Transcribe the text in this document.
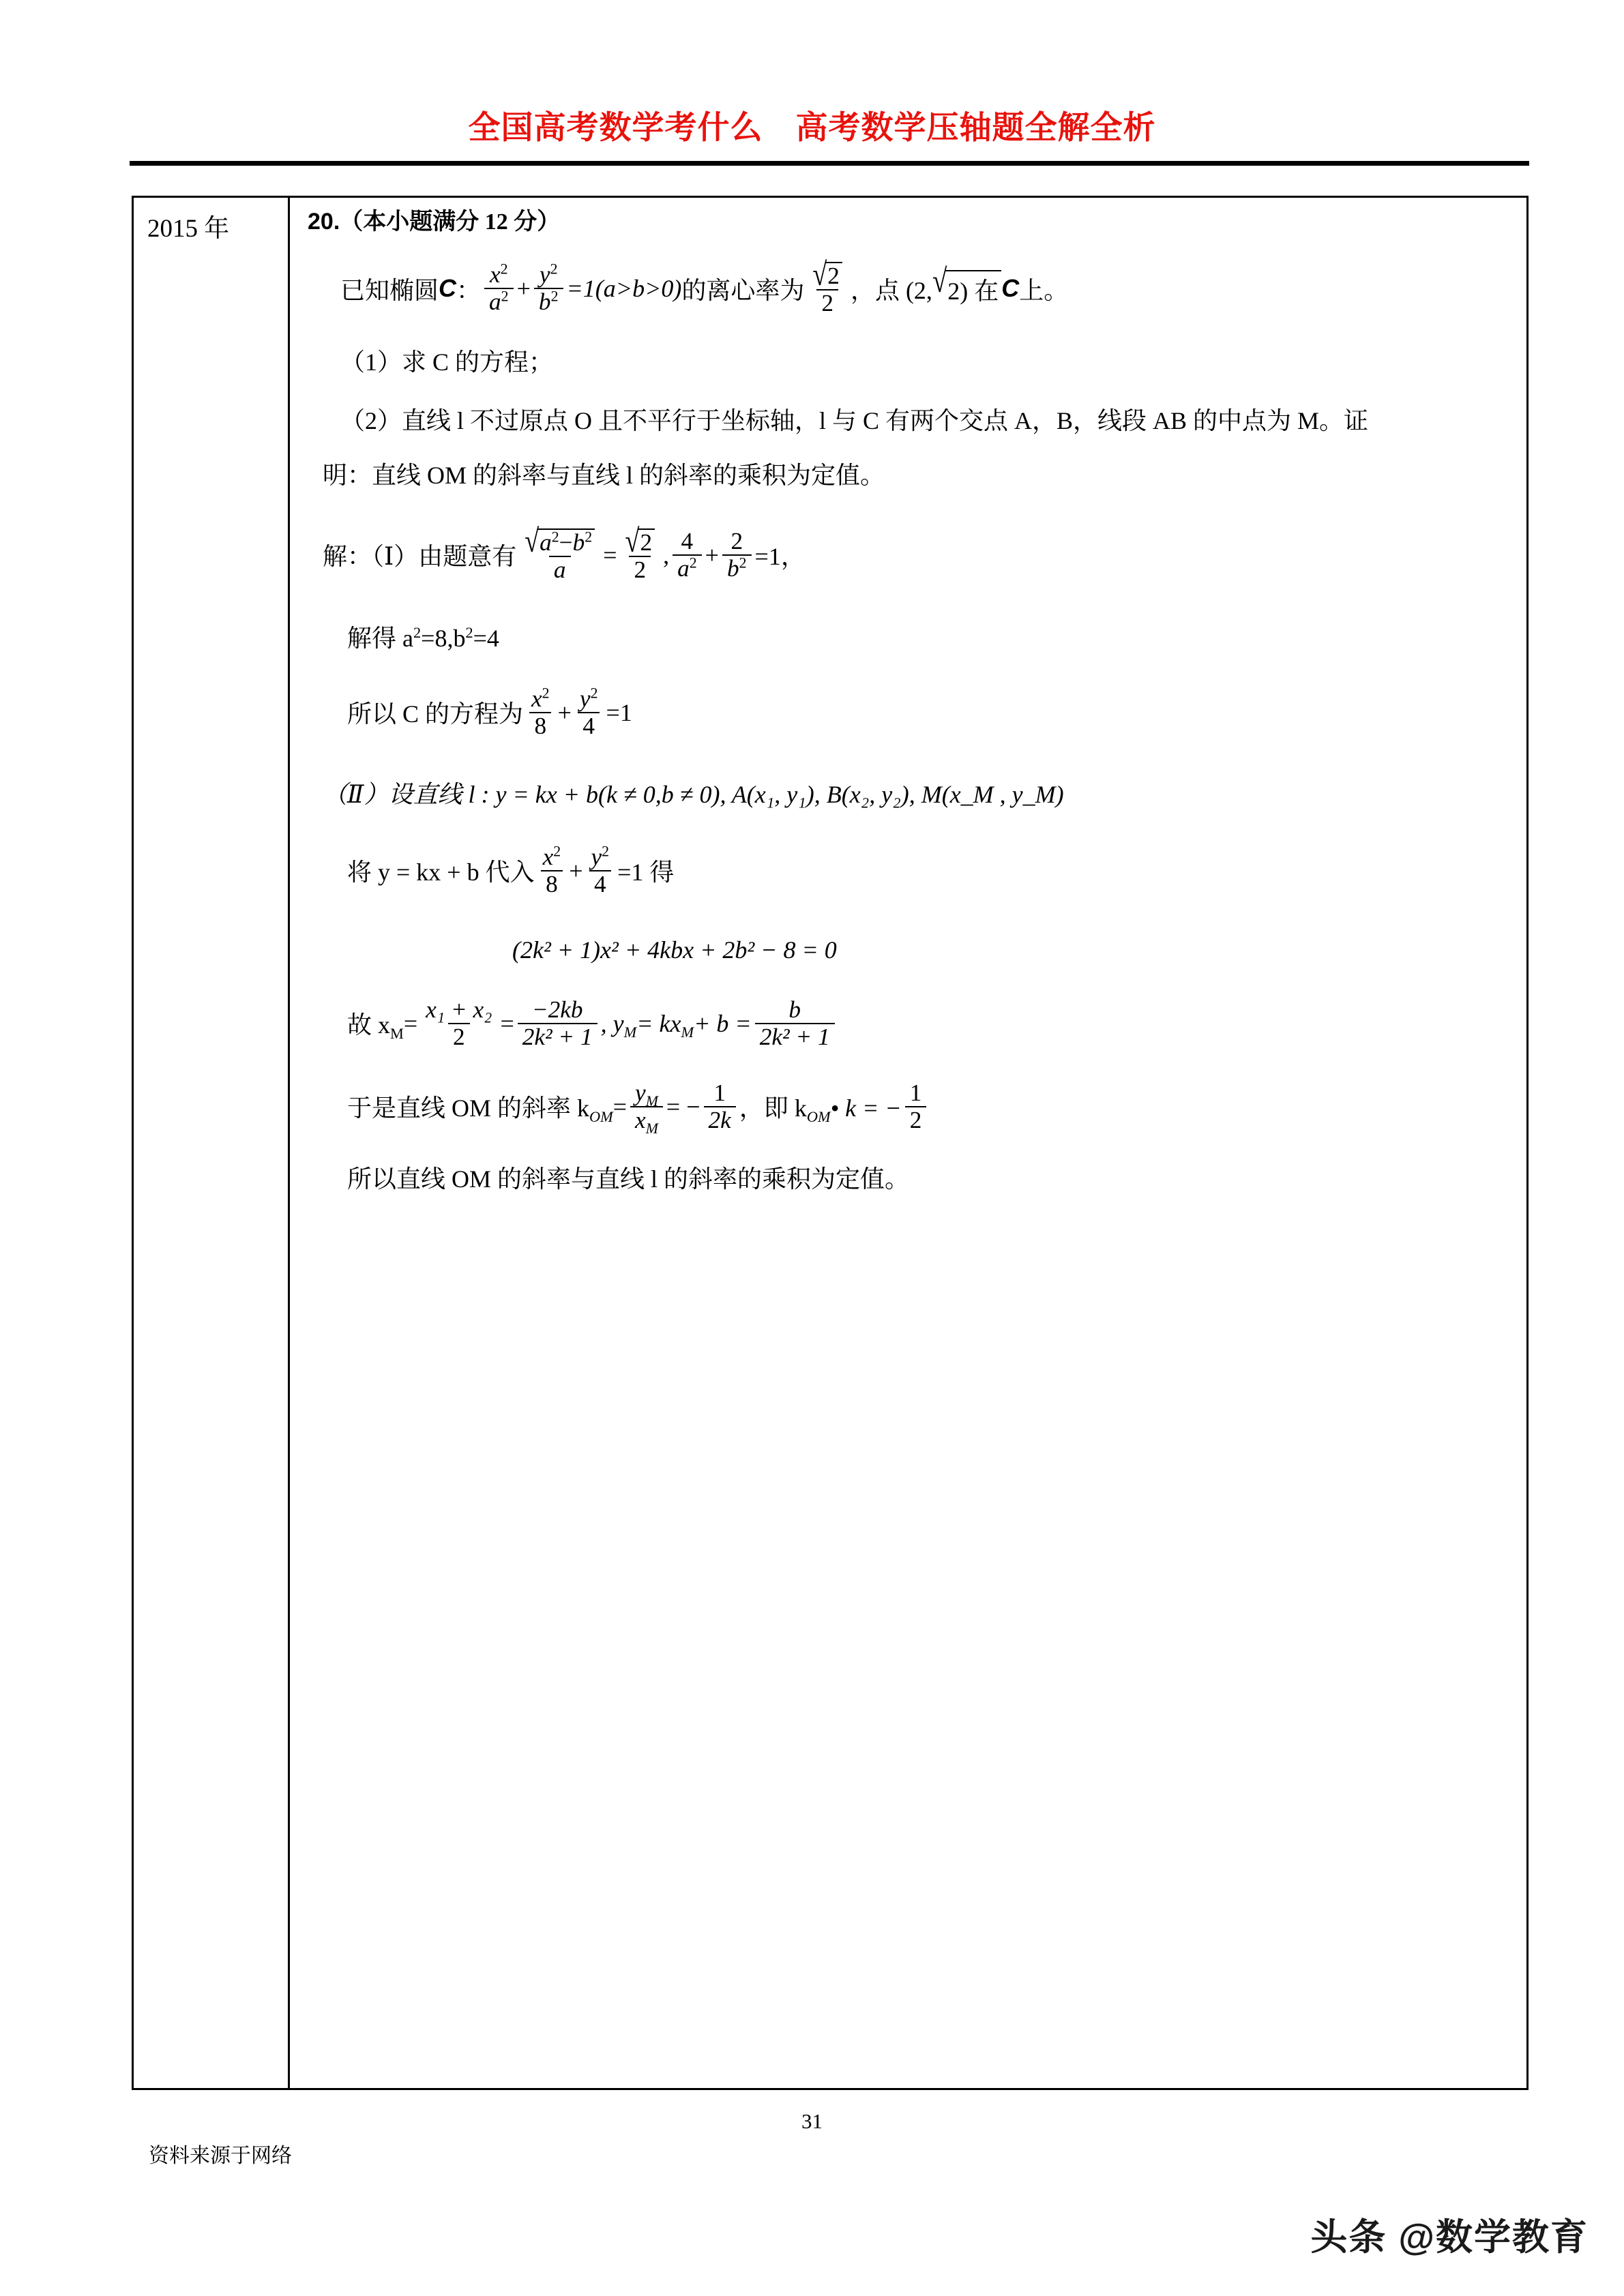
全国高考数学考什么　高考数学压轴题全解全析
2015 年	20.（本小题满分 12 分）
已知椭圆 C ： $\frac{x^2}{a^2} + \frac{y^2}{b^2} =1(a>b>0)$ 的离心率为 $\frac{√ 2}{2}$ ，点 (2, √ 2) 在 C 上。
（1）求 C 的方程；
（2）直线 l 不过原点 O 且不平行于坐标轴，l 与 C 有两个交点 A，B，线段 AB 的中点为 M。证
明：直线 OM 的斜率与直线 l 的斜率的乘积为定值。
解：（Ⅰ）由题意有 $\frac{√ a^2-b^2}{a} = \frac{√ 2}{2}$ , $\frac{4}{a^2} + \frac{2}{b^2} =1$，
解得 $a^2=8,b^2=4$
所以 C 的方程为 $\frac{x^2}{8} + \frac{y^2}{4} =1$
（Ⅱ）设直线 l : y = kx + b(k ≠ 0,b ≠ 0), A(x₁, y₁), B(x₂, y₂), M(x_M , y_M)
将 y = kx + b 代入 $\frac{x^2}{8} + \frac{y^2}{4} =1$ 得
(2k² + 1)x² + 4kbx + 2b² − 8 = 0
故 $x_M = \frac{\text{x₁ + x₂}}{2} = \frac{-2kb}{\text{2k² + 1}}$ , $y_M= kx_M+ b = \frac{b}{\text{2k² + 1}}$
于是直线 OM 的斜率 $k_{OM} = \frac{y_M}{x_M}$ = − $\frac{1}{2k}$ ，即 $k_{OM}•$ k = − $\frac{1}{2}$
所以直线 OM 的斜率与直线 l 的斜率的乘积为定值。
31
资料来源于网络
头条 @数学教育
